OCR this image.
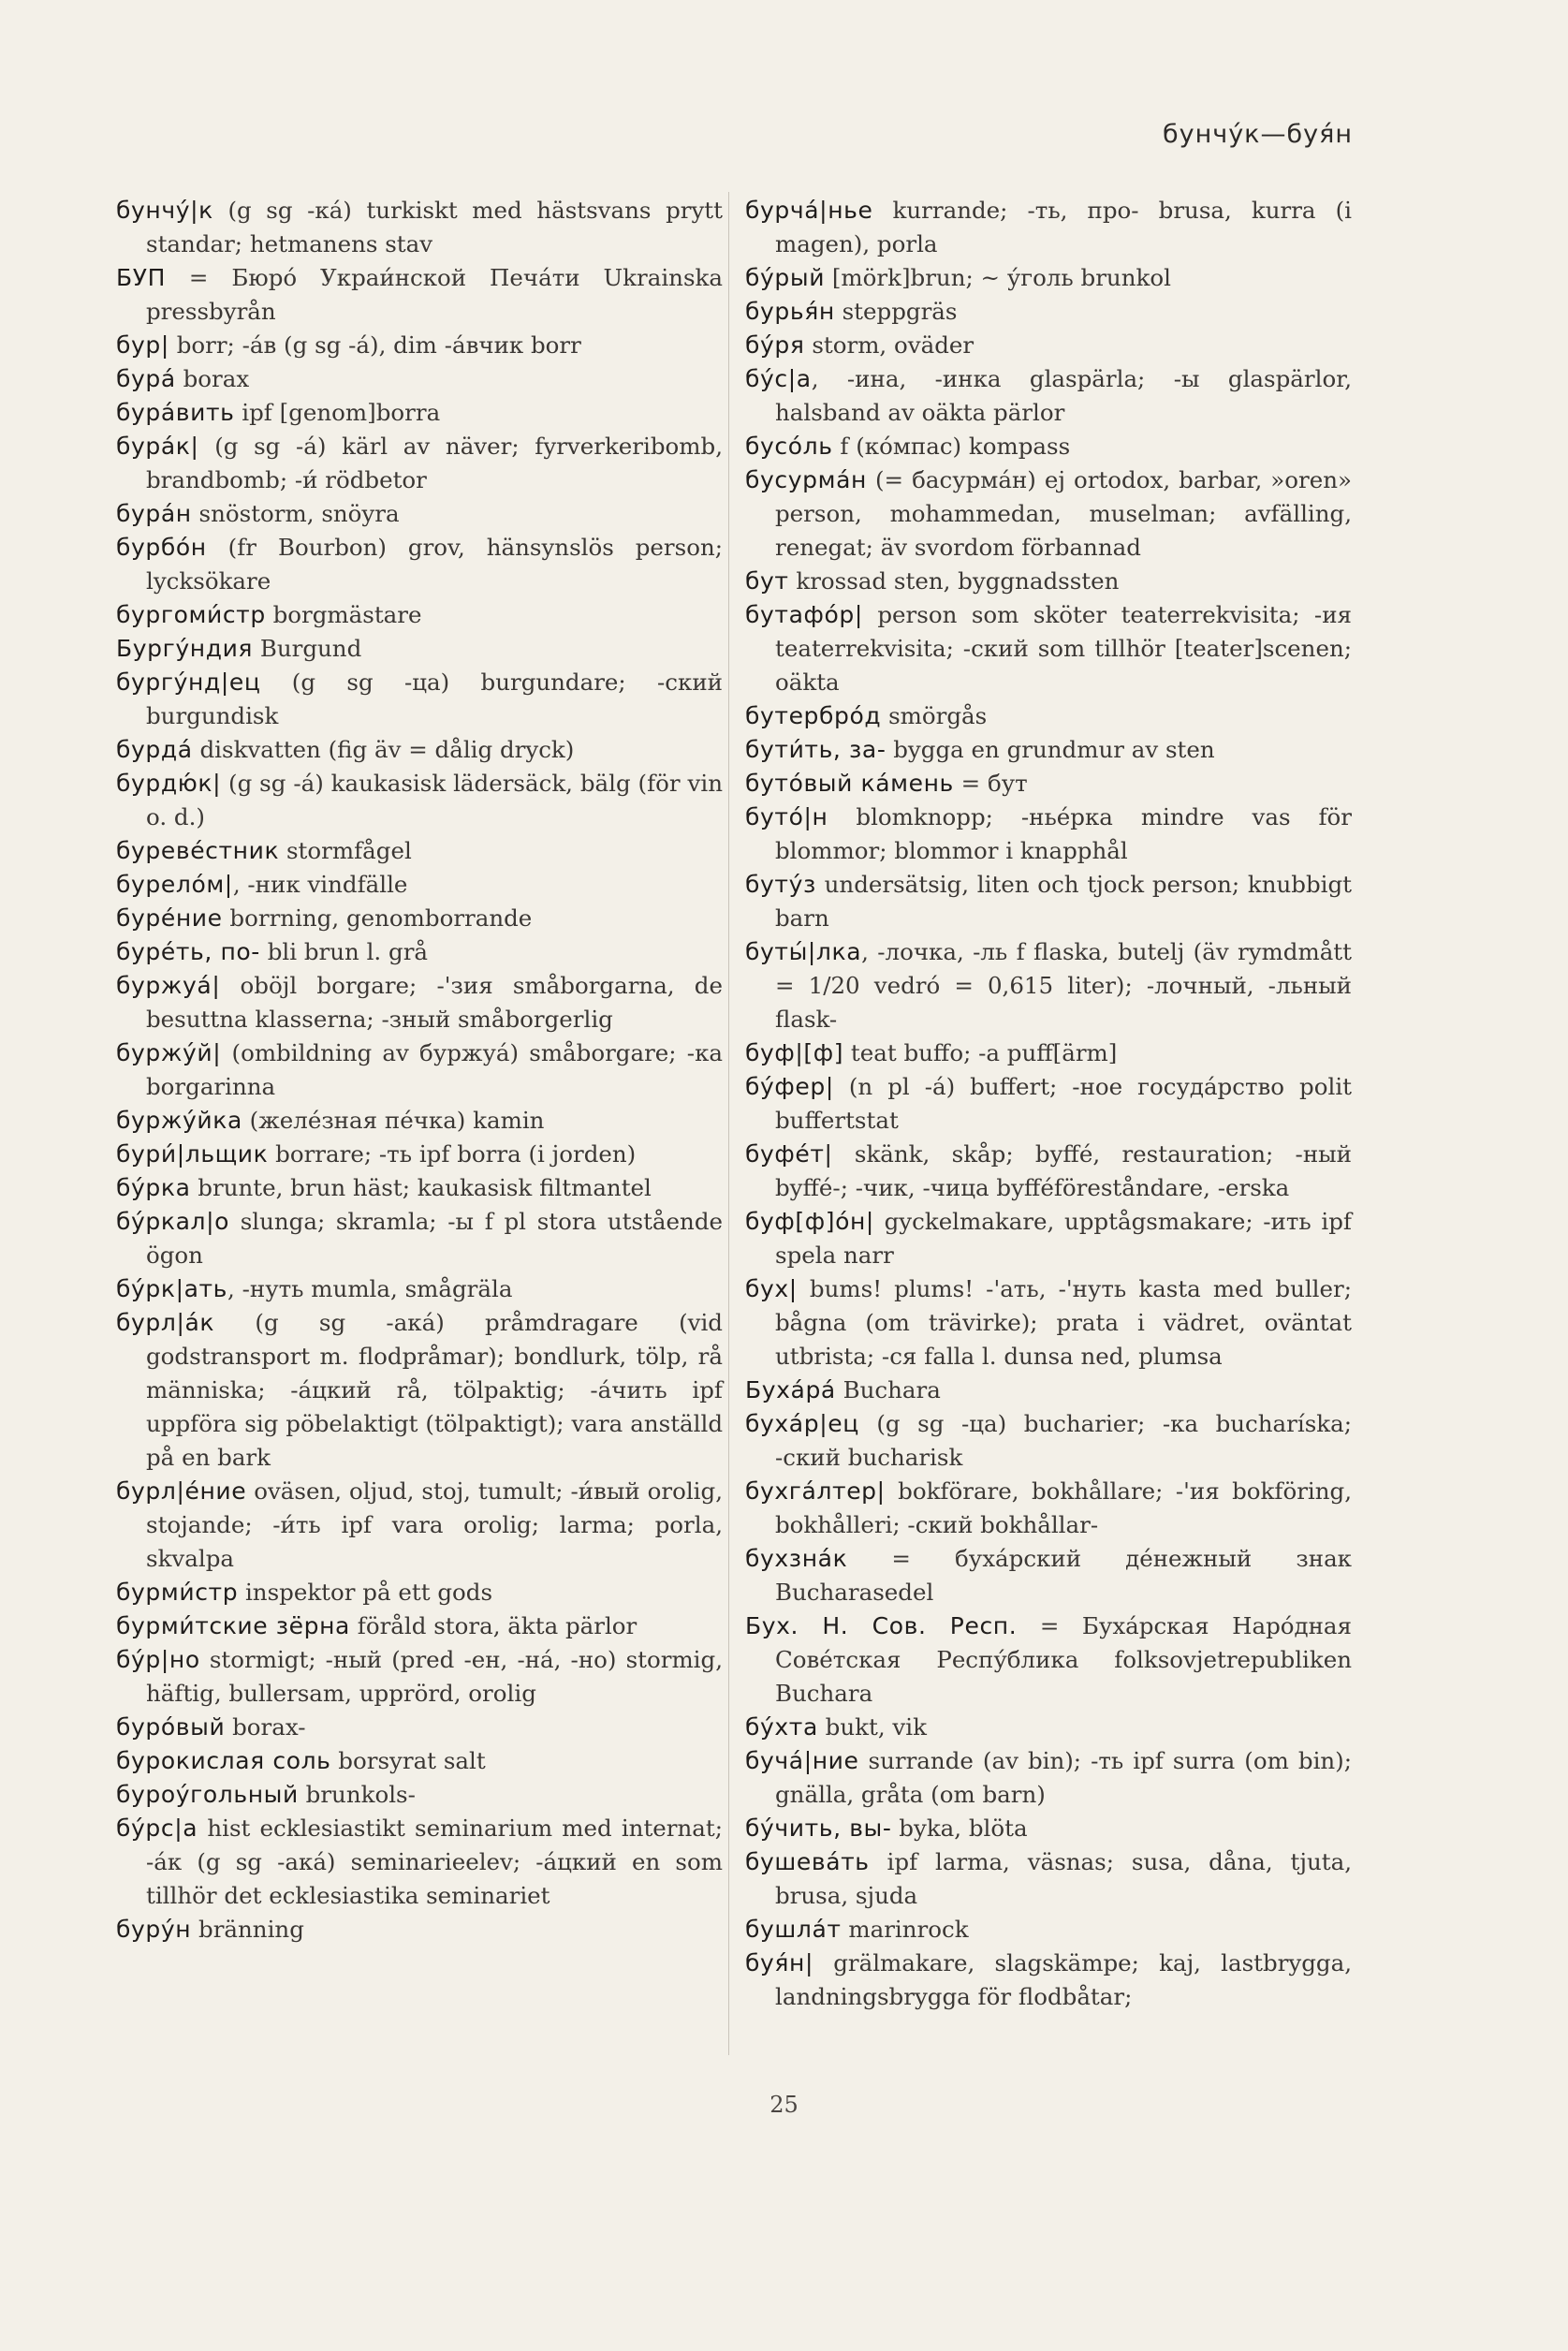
бунчу́к—буя́н

бунчу́|к (g sg -ка́) turkiskt med hästsvans prytt standar; hetmanens stav

БУП = Бюро́ Украи́нской Печа́ти Ukrainska pressbyrån

бур| borr; -а́в (g sg -а́), dim -а́вчик borr

бура́ borax

бура́вить ipf [genom]borra

бура́к| (g sg -а́) kärl av näver; fyrverkeribomb, brandbomb; -и́ rödbetor

бура́н snöstorm, snöyra

бурбо́н (fr Bourbon) grov, hänsynslös person; lycksökare

бургоми́стр borgmästare

Бургу́ндия Burgund

бургу́нд|ец (g sg -ца) burgundare; -ский burgundisk

бурда́ diskvatten (fig äv = dålig dryck)

бурдю́к| (g sg -а́) kaukasisk lädersäck, bälg (för vin o. d.)

буреве́стник stormfågel

бурело́м|, -ник vindfälle

буре́ние borrning, genomborrande

буре́ть, по- bli brun l. grå

буржуа́| oböjl borgare; -'зия småborgarna, de besuttna klasserna; -зный småborgerlig

буржу́й| (ombildning av буржуа́) småborgare; -ка borgarinna

буржу́йка (желе́зная пе́чка) kamin

бури́|льщик borrare; -ть ipf borra (i jorden)

бу́рка brunte, brun häst; kaukasisk filtmantel

бу́ркал|о slunga; skramla; -ы f pl stora utstående ögon

бу́рк|ать, -нуть mumla, smågräla

бурл|а́к (g sg -ака́) pråmdragare (vid godstransport m. flodpråmar); bondlurk, tölp, rå människa; -а́цкий rå, tölpaktig; -а́чить ipf uppföra sig pöbelaktigt (tölpaktigt); vara anställd på en bark

бурл|е́ние oväsen, oljud, stoj, tumult; -и́вый orolig, stojande; -и́ть ipf vara orolig; larma; porla, skvalpa

бурми́стр inspektor på ett gods

бурми́тские зёрна föråld stora, äkta pärlor

бу́р|но stormigt; -ный (pred -ен, -на́, -но) stormig, häftig, bullersam, upprörd, orolig

буро́вый borax-

бурокислая соль borsyrat salt

буроу́гольный brunkols-

бу́рс|а hist ecklesiastikt seminarium med internat; -а́к (g sg -ака́) seminarieelev; -а́цкий en som tillhör det ecklesiastika seminariet

буру́н bränning

бурча́|нье kurrande; -ть, про- brusa, kurra (i magen), porla

бу́рый [mörk]brun; ~ у́голь brunkol

бурья́н steppgräs

бу́ря storm, oväder

бу́с|а, -ина, -инка glaspärla; -ы glaspärlor, halsband av oäkta pärlor

бусо́ль f (ко́мпас) kompass

бусурма́н (= басурма́н) ej ortodox, barbar, »oren» person, mohammedan, muselman; avfälling, renegat; äv svordom förbannad

бут krossad sten, byggnadssten

бутафо́р| person som sköter teaterrekvisita; -ия teaterrekvisita; -ский som tillhör [teater]scenen; oäkta

бутербро́д smörgås

бути́ть, за- bygga en grundmur av sten

буто́вый ка́мень = бут

буто́|н blomknopp; -нье́рка mindre vas för blommor; blommor i knapphål

буту́з undersätsig, liten och tjock person; knubbigt barn

буты́|лка, -лочка, -ль f flaska, butelj (äv rymdmått = 1/20 vedró = 0,615 liter); -лочный, -льный flask-

буф|[ф] teat buffo; -а puff[ärm]

бу́фер| (n pl -а́) buffert; -ное госуда́рство polit buffertstat

буфе́т| skänk, skåp; byffé, restauration; -ный byffé-; -чик, -чица byfféföreståndare, -erska

буф[ф]о́н| gyckelmakare, upptågsmakare; -ить ipf spela narr

бух| bums! plums! -'ать, -'нуть kasta med buller; bågna (om trävirke); prata i vädret, oväntat utbrista; -ся falla l. dunsa ned, plumsa

Буха́ра́ Buchara

буха́р|ец (g sg -ца) bucharier; -ка bucharíska; -ский bucharisk

бухга́лтер| bokförare, bokhållare; -'ия bokföring, bokhålleri; -ский bokhållar-

бухзна́к = буха́рский де́нежный знак Bucharasedel

Бух. Н. Сов. Респ. = Буха́рская Наро́дная Сове́тская Респу́блика folksovjetrepubliken Buchara

бу́хта bukt, vik

буча́|ние surrande (av bin); -ть ipf surra (om bin); gnälla, gråta (om barn)

бу́чить, вы- byka, blöta

бушева́ть ipf larma, väsnas; susa, dåna, tjuta, brusa, sjuda

бушла́т marinrock

буя́н| grälmakare, slagskämpe; kaj, lastbrygga, landningsbrygga för flodbåtar;

25
